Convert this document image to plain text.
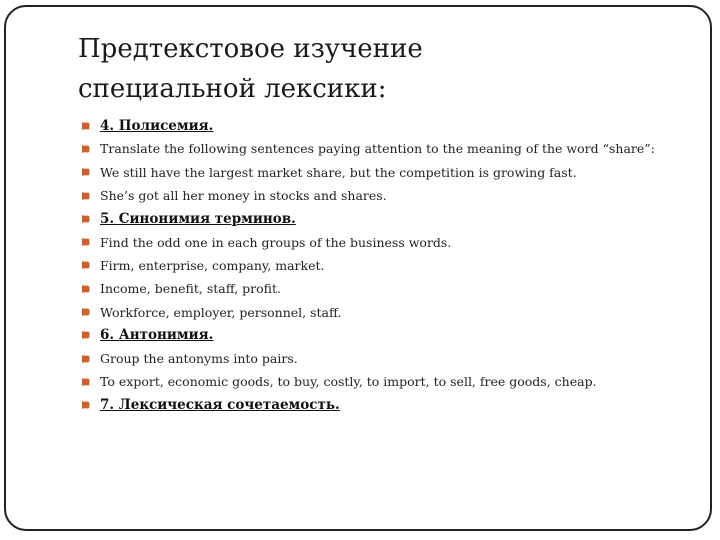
Предтекстовое изучение
специальной лексики:
4. Полисемия.
Translate the following sentences paying attention to the meaning of the word “share”:
We still have the largest market share, but the competition is growing fast.
She’s got all her money in stocks and shares.
5. Синонимия терминов.
Find the odd one in each groups of the business words.
Firm, enterprise, company, market.
Income, benefit, staff, profit.
Workforce, employer, personnel, staff.
6. Антонимия.
Group the antonyms into pairs.
To export, economic goods, to buy, costly, to import, to sell, free goods, cheap.
7. Лексическая сочетаемость.
